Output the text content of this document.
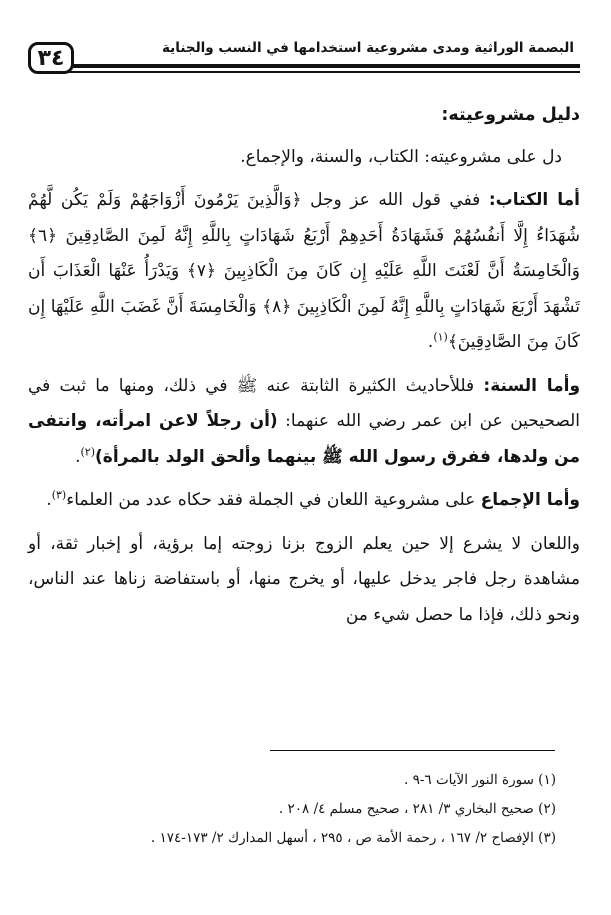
٣٤	البصمة الوراثية ومدى مشروعية استخدامها في النسب والجناية

دليل مشروعيته:

دل على مشروعيته: الكتاب، والسنة، والإجماع.

أما الكتاب: ففي قول الله عز وجل ﴿وَالَّذِينَ يَرْمُونَ أَزْوَاجَهُمْ وَلَمْ يَكُن لَّهُمْ شُهَدَاءُ إِلَّا أَنفُسُهُمْ فَشَهَادَةُ أَحَدِهِمْ أَرْبَعُ شَهَادَاتٍ بِاللَّهِ إِنَّهُ لَمِنَ الصَّادِقِينَ ﴿٦﴾ وَالْخَامِسَةُ أَنَّ لَعْنَتَ اللَّهِ عَلَيْهِ إِن كَانَ مِنَ الْكَاذِبِينَ ﴿٧﴾ وَيَدْرَأُ عَنْهَا الْعَذَابَ أَن تَشْهَدَ أَرْبَعَ شَهَادَاتٍ بِاللَّهِ إِنَّهُ لَمِنَ الْكَاذِبِينَ ﴿٨﴾ وَالْخَامِسَةَ أَنَّ غَضَبَ اللَّهِ عَلَيْهَا إِن كَانَ مِنَ الصَّادِقِينَ﴾$^{(١)}$.

وأما السنة: فللأحاديث الكثيرة الثابتة عنه ﷺ في ذلك، ومنها ما ثبت في الصحيحين عن ابن عمر رضي الله عنهما: (أن رجلاً لاعن امرأته، وانتفى من ولدها، ففرق رسول الله ﷺ بينهما وألحق الولد بالمرأة)$^{(٢)}$.

وأما الإجماع على مشروعية اللعان في الجملة فقد حكاه عدد من العلماء$^{(٣)}$.

واللعان لا يشرع إلا حين يعلم الزوج بزنا زوجته إما برؤية، أو إخبار ثقة، أو مشاهدة رجل فاجر يدخل عليها، أو يخرج منها، أو باستفاضة زناها عند الناس، ونحو ذلك، فإذا ما حصل شيء من

(١) سورة النور الآيات ٦-٩ .
(٢) صحيح البخاري ٣/ ٢٨١ ، صحيح مسلم ٤/ ٢٠٨ .
(٣) الإفصاح ٢/ ١٦٧ ، رحمة الأمة ص ، ٢٩٥ ، أسهل المدارك ٢/ ١٧٣-١٧٤ .
